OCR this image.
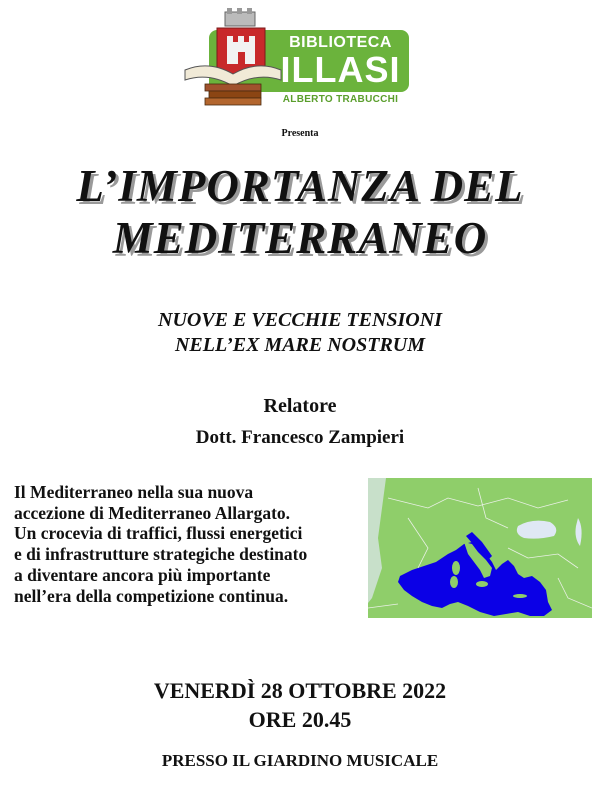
BIBLIOTECA
ILLASI
ALBERTO TRABUCCHI
Presenta
L’IMPORTANZA DEL
MEDITERRANEO
NUOVE E VECCHIE TENSIONI
NELL’EX MARE NOSTRUM
Relatore
Dott. Francesco Zampieri
Il Mediterraneo nella sua nuova
accezione di Mediterraneo Allargato.
Un crocevia di traffici, flussi energetici
e di infrastrutture strategiche destinato
a diventare ancora più importante
nell’era della competizione continua.
VENERDÌ 28 OTTOBRE 2022
ORE 20.45
PRESSO IL GIARDINO MUSICALE
